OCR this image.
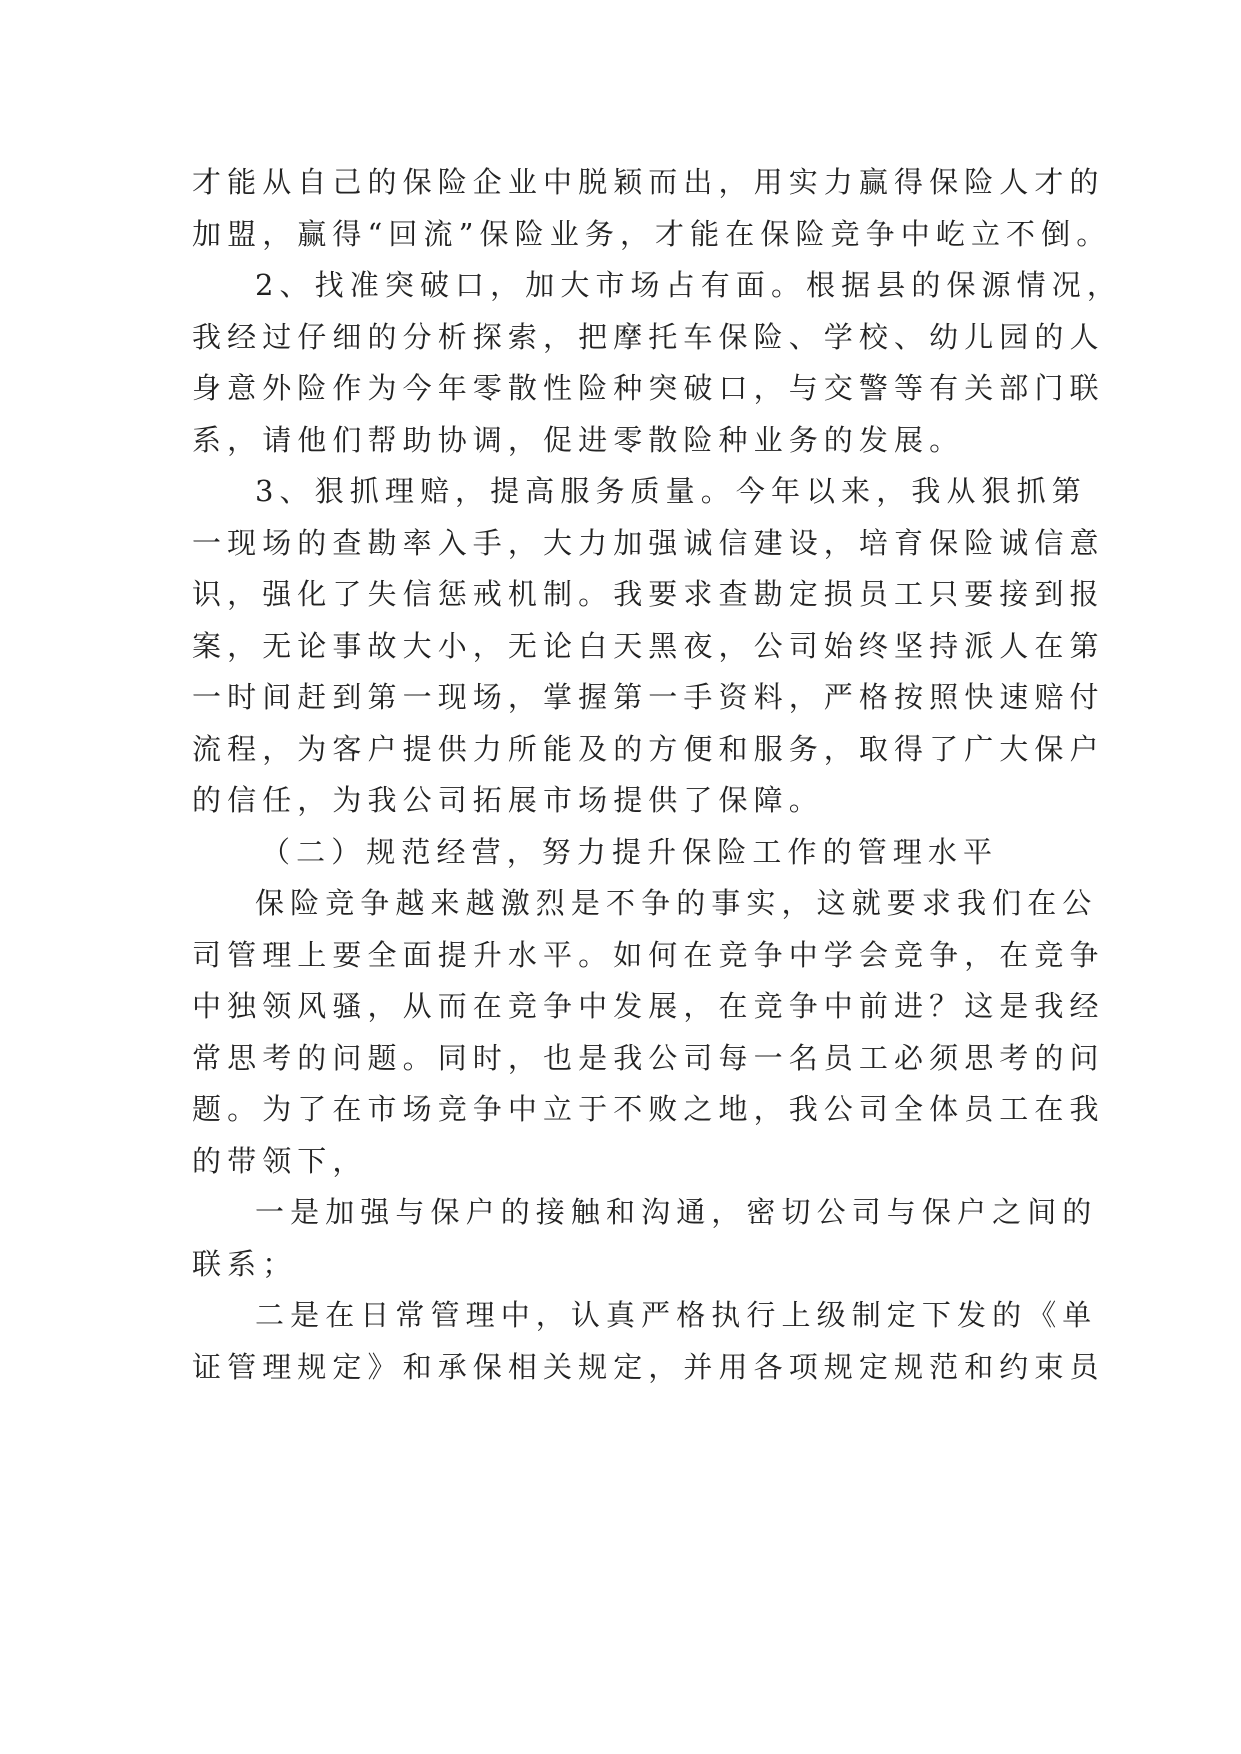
才能从自己的保险企业中脱颖而出，用实力赢得保险人才的
加盟，赢得“回流”保险业务，才能在保险竞争中屹立不倒。
2、找准突破口，加大市场占有面。根据县的保源情况，
我经过仔细的分析探索，把摩托车保险、学校、幼儿园的人
身意外险作为今年零散性险种突破口，与交警等有关部门联
系，请他们帮助协调，促进零散险种业务的发展。
3、狠抓理赔，提高服务质量。今年以来，我从狠抓第
一现场的查勘率入手，大力加强诚信建设，培育保险诚信意
识，强化了失信惩戒机制。我要求查勘定损员工只要接到报
案，无论事故大小，无论白天黑夜，公司始终坚持派人在第
一时间赶到第一现场，掌握第一手资料，严格按照快速赔付
流程，为客户提供力所能及的方便和服务，取得了广大保户
的信任，为我公司拓展市场提供了保障。
（二）规范经营，努力提升保险工作的管理水平
保险竞争越来越激烈是不争的事实，这就要求我们在公
司管理上要全面提升水平。如何在竞争中学会竞争，在竞争
中独领风骚，从而在竞争中发展，在竞争中前进？这是我经
常思考的问题。同时，也是我公司每一名员工必须思考的问
题。为了在市场竞争中立于不败之地，我公司全体员工在我
的带领下，
一是加强与保户的接触和沟通，密切公司与保户之间的
联系；
二是在日常管理中，认真严格执行上级制定下发的《单
证管理规定》和承保相关规定，并用各项规定规范和约束员
